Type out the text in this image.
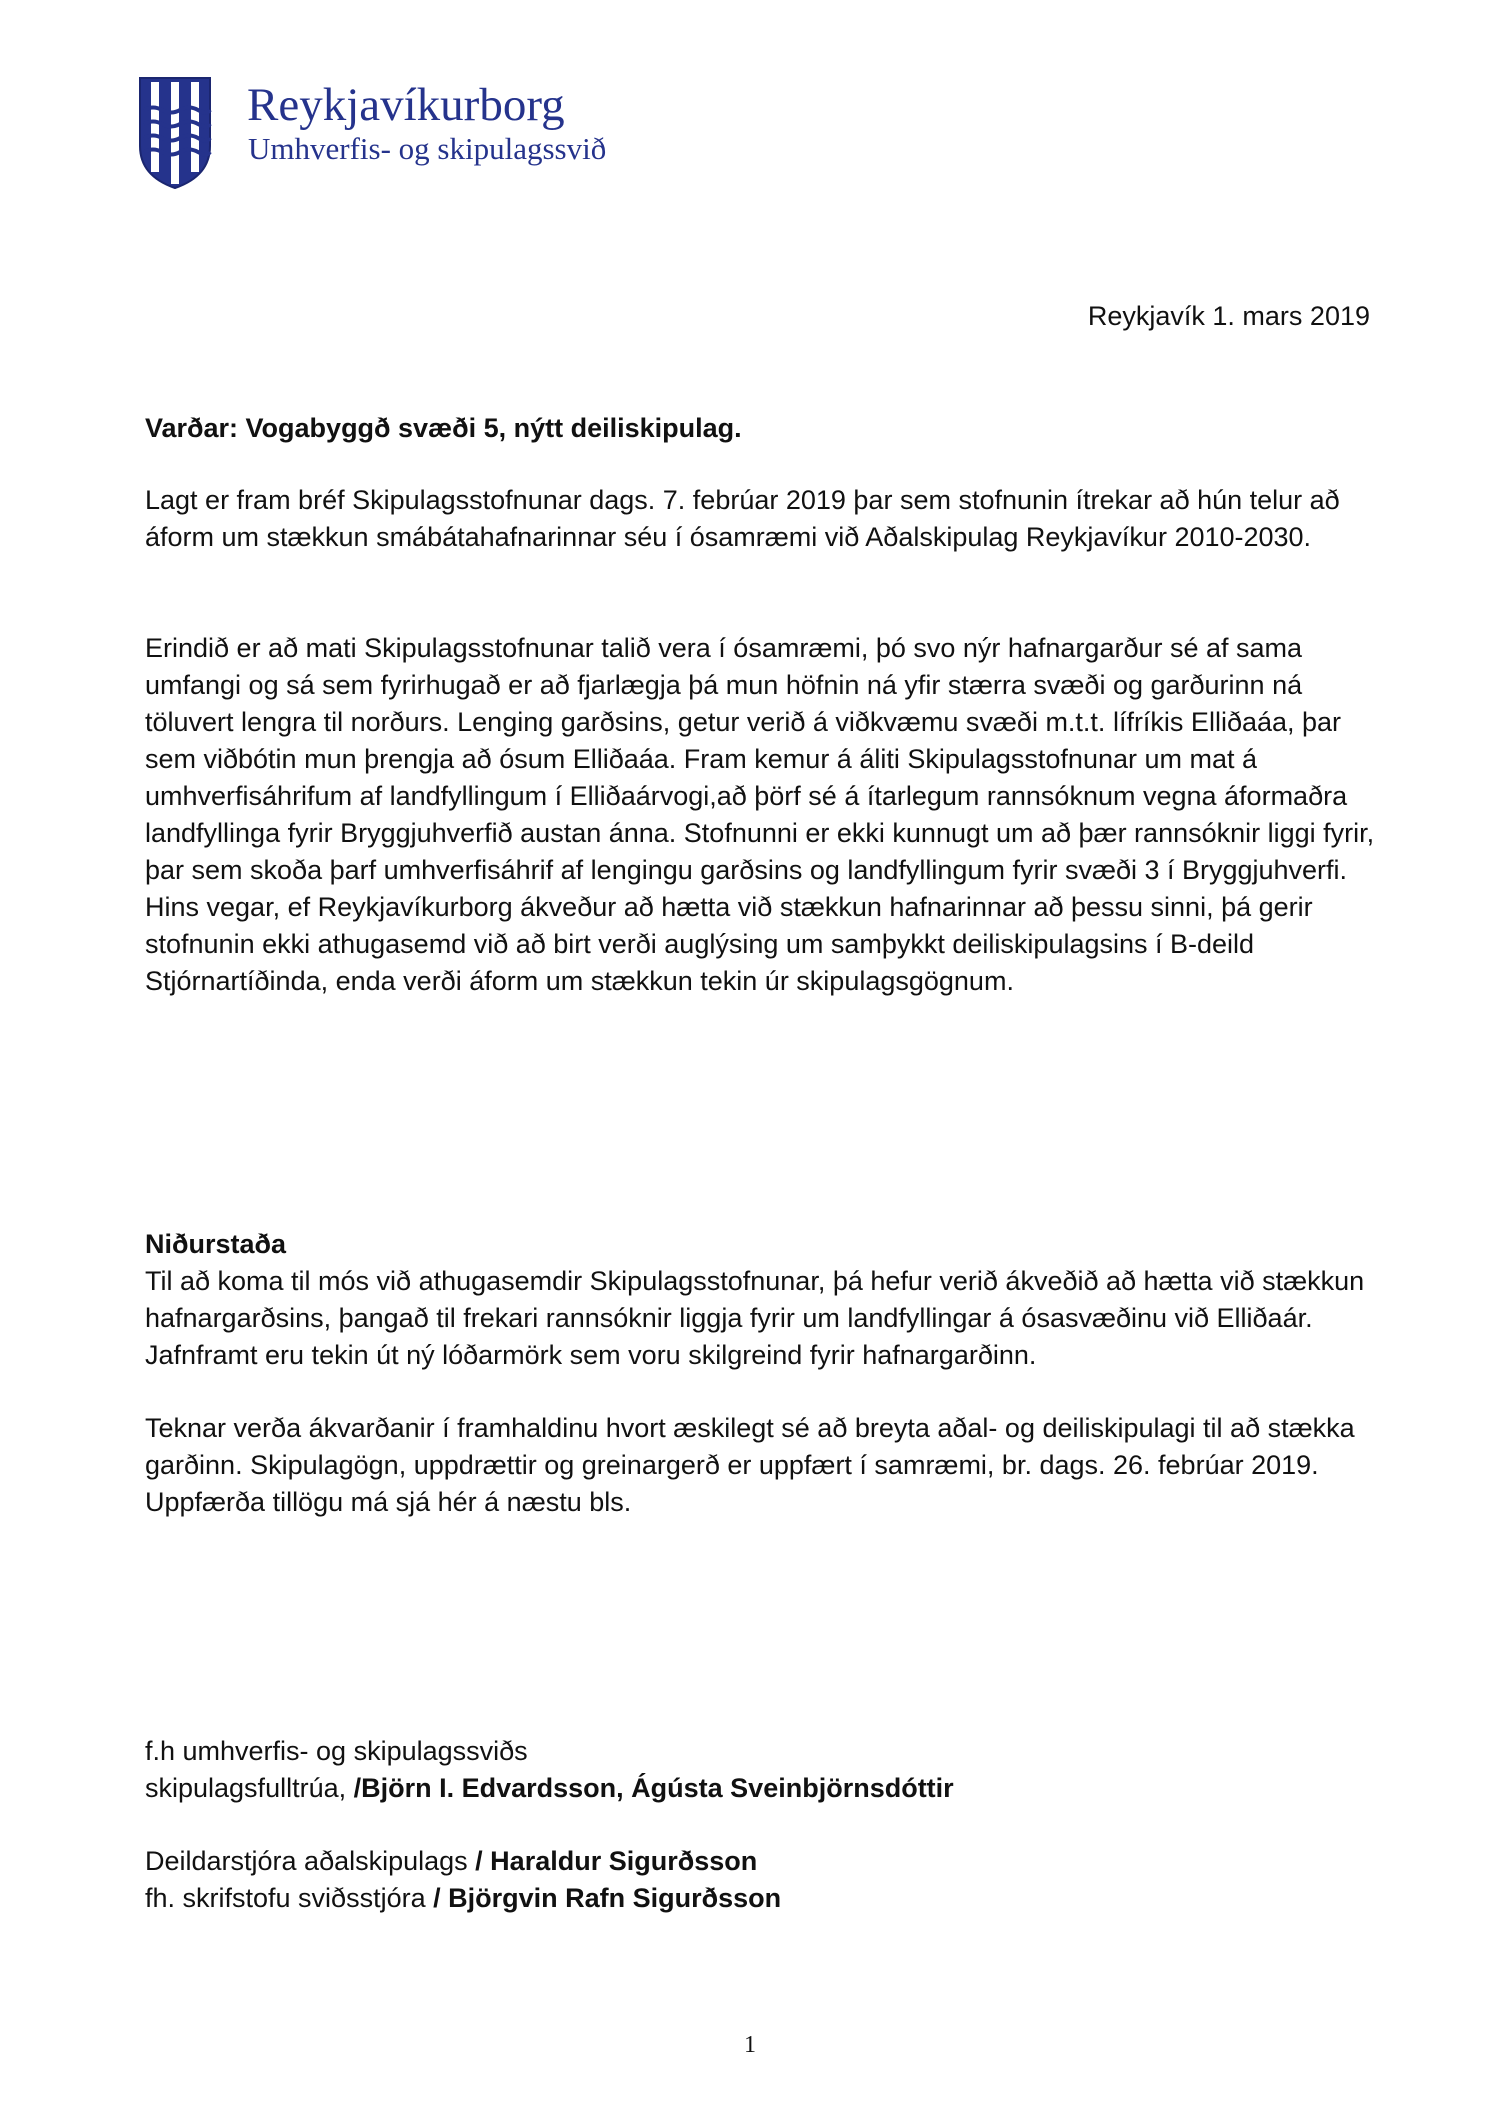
Reykjavíkurborg
Umhverfis- og skipulagssvið
Reykjavík 1. mars 2019

Varðar: Vogabyggð svæði 5, nýtt deiliskipulag.

Lagt er fram bréf Skipulagsstofnunar dags. 7. febrúar 2019 þar sem stofnunin ítrekar að hún telur að áform um stækkun smábátahafnarinnar séu í ósamræmi við Aðalskipulag Reykjavíkur 2010-2030.

Erindið er að mati Skipulagsstofnunar talið vera í ósamræmi, þó svo nýr hafnargarður sé af sama umfangi og sá sem fyrirhugað er að fjarlægja þá mun höfnin ná yfir stærra svæði og garðurinn ná töluvert lengra til norðurs. Lenging garðsins, getur verið á viðkvæmu svæði m.t.t. lífríkis Elliðaáa, þar sem viðbótin mun þrengja að ósum Elliðaáa. Fram kemur á áliti Skipulagsstofnunar um mat á umhverfisáhrifum af landfyllingum í Elliðaárvogi,að þörf sé á ítarlegum rannsóknum vegna áformaðra landfyllinga fyrir Bryggjuhverfið austan ánna. Stofnunni er ekki kunnugt um að þær rannsóknir liggi fyrir, þar sem skoða þarf umhverfisáhrif af lengingu garðsins og landfyllingum fyrir svæði 3 í Bryggjuhverfi. Hins vegar, ef Reykjavíkurborg ákveður að hætta við stækkun hafnarinnar að þessu sinni, þá gerir stofnunin ekki athugasemd við að birt verði auglýsing um samþykkt deiliskipulagsins í B-deild Stjórnartíðinda, enda verði áform um stækkun tekin úr skipulagsgögnum.

Niðurstaða

Til að koma til mós við athugasemdir Skipulagsstofnunar, þá hefur verið ákveðið að hætta við stækkun hafnargarðsins, þangað til frekari rannsóknir liggja fyrir um landfyllingar á ósasvæðinu við Elliðaár. Jafnframt eru tekin út ný lóðarmörk sem voru skilgreind fyrir hafnargarðinn.

Teknar verða ákvarðanir í framhaldinu hvort æskilegt sé að breyta aðal- og deiliskipulagi til að stækka garðinn. Skipulagögn, uppdrættir og greinargerð er uppfært í samræmi, br. dags. 26. febrúar 2019. Uppfærða tillögu má sjá hér á næstu bls.

f.h umhverfis- og skipulagssviðs
skipulagsfulltrúa, /Björn I. Edvardsson, Ágústa Sveinbjörnsdóttir
Deildarstjóra aðalskipulags / Haraldur Sigurðsson
fh. skrifstofu sviðsstjóra / Björgvin Rafn Sigurðsson
1
